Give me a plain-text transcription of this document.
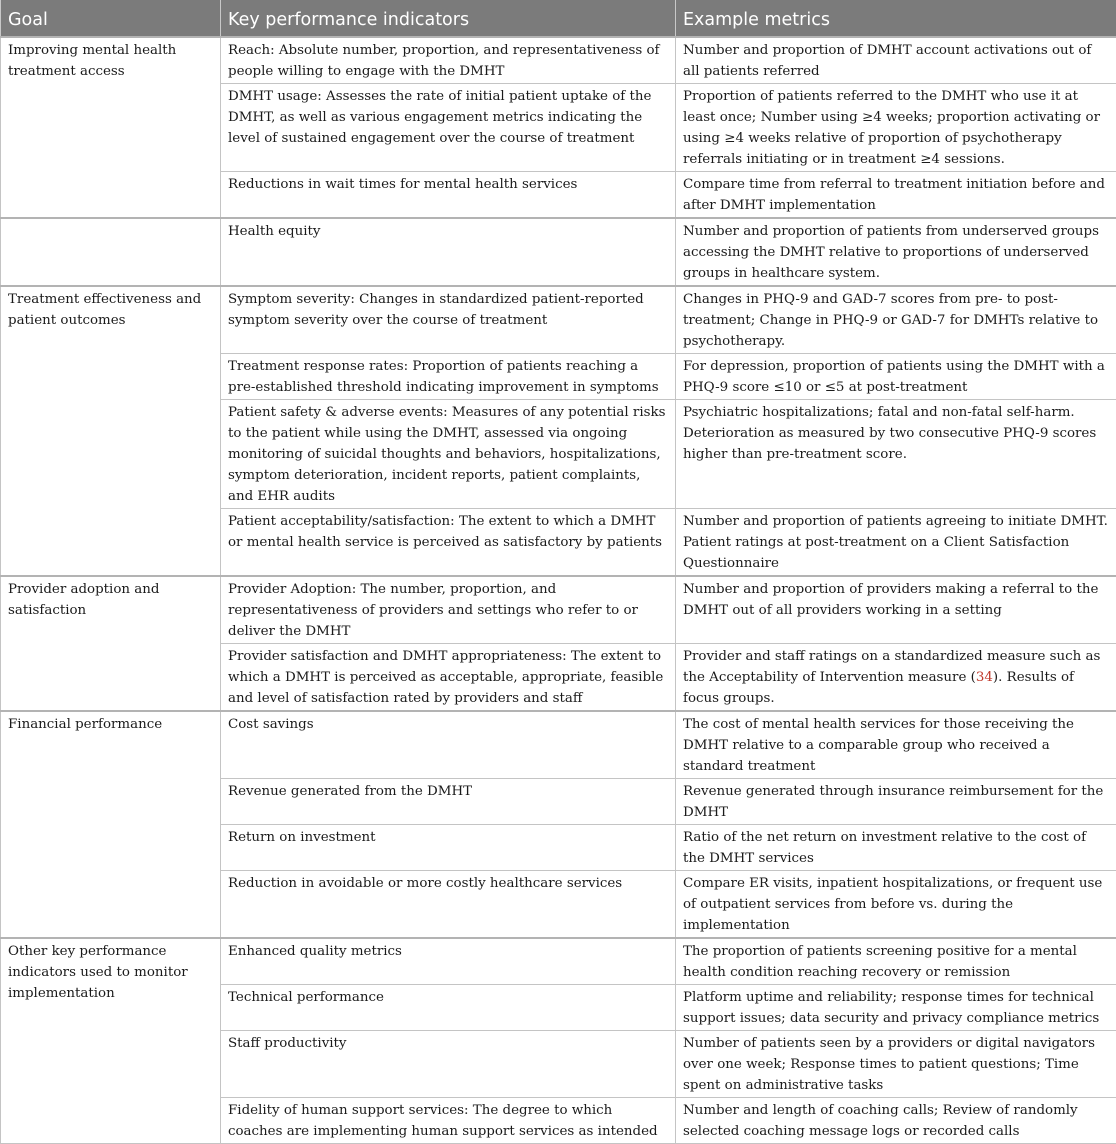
Goal	Key performance indicators	Example metrics
Improving mental health treatment access	Reach: Absolute number, proportion, and representativeness of people willing to engage with the DMHT	Number and proportion of DMHT account activations out of all patients referred
	DMHT usage: Assesses the rate of initial patient uptake of the DMHT, as well as various engagement metrics indicating the level of sustained engagement over the course of treatment	Proportion of patients referred to the DMHT who use it at least once; Number using ≥4 weeks; proportion activating or using ≥4 weeks relative of proportion of psychotherapy referrals initiating or in treatment ≥4 sessions.
	Reductions in wait times for mental health services	Compare time from referral to treatment initiation before and after DMHT implementation
	Health equity	Number and proportion of patients from underserved groups accessing the DMHT relative to proportions of underserved groups in healthcare system.
Treatment effectiveness and patient outcomes	Symptom severity: Changes in standardized patient-reported symptom severity over the course of treatment	Changes in PHQ-9 and GAD-7 scores from pre- to post-treatment; Change in PHQ-9 or GAD-7 for DMHTs relative to psychotherapy.
	Treatment response rates: Proportion of patients reaching a pre-established threshold indicating improvement in symptoms	For depression, proportion of patients using the DMHT with a PHQ-9 score ≤10 or ≤5 at post-treatment
	Patient safety & adverse events: Measures of any potential risks to the patient while using the DMHT, assessed via ongoing monitoring of suicidal thoughts and behaviors, hospitalizations, symptom deterioration, incident reports, patient complaints, and EHR audits	Psychiatric hospitalizations; fatal and non-fatal self-harm. Deterioration as measured by two consecutive PHQ-9 scores higher than pre-treatment score.
	Patient acceptability/satisfaction: The extent to which a DMHT or mental health service is perceived as satisfactory by patients	Number and proportion of patients agreeing to initiate DMHT. Patient ratings at post-treatment on a Client Satisfaction Questionnaire
Provider adoption and satisfaction	Provider Adoption: The number, proportion, and representativeness of providers and settings who refer to or deliver the DMHT	Number and proportion of providers making a referral to the DMHT out of all providers working in a setting
	Provider satisfaction and DMHT appropriateness: The extent to which a DMHT is perceived as acceptable, appropriate, feasible and level of satisfaction rated by providers and staff	Provider and staff ratings on a standardized measure such as the Acceptability of Intervention measure (34). Results of focus groups.
Financial performance	Cost savings	The cost of mental health services for those receiving the DMHT relative to a comparable group who received a standard treatment
	Revenue generated from the DMHT	Revenue generated through insurance reimbursement for the DMHT
	Return on investment	Ratio of the net return on investment relative to the cost of the DMHT services
	Reduction in avoidable or more costly healthcare services	Compare ER visits, inpatient hospitalizations, or frequent use of outpatient services from before vs. during the implementation
Other key performance indicators used to monitor implementation	Enhanced quality metrics	The proportion of patients screening positive for a mental health condition reaching recovery or remission
	Technical performance	Platform uptime and reliability; response times for technical support issues; data security and privacy compliance metrics
	Staff productivity	Number of patients seen by a providers or digital navigators over one week; Response times to patient questions; Time spent on administrative tasks
	Fidelity of human support services: The degree to which coaches are implementing human support services as intended	Number and length of coaching calls; Review of randomly selected coaching message logs or recorded calls
